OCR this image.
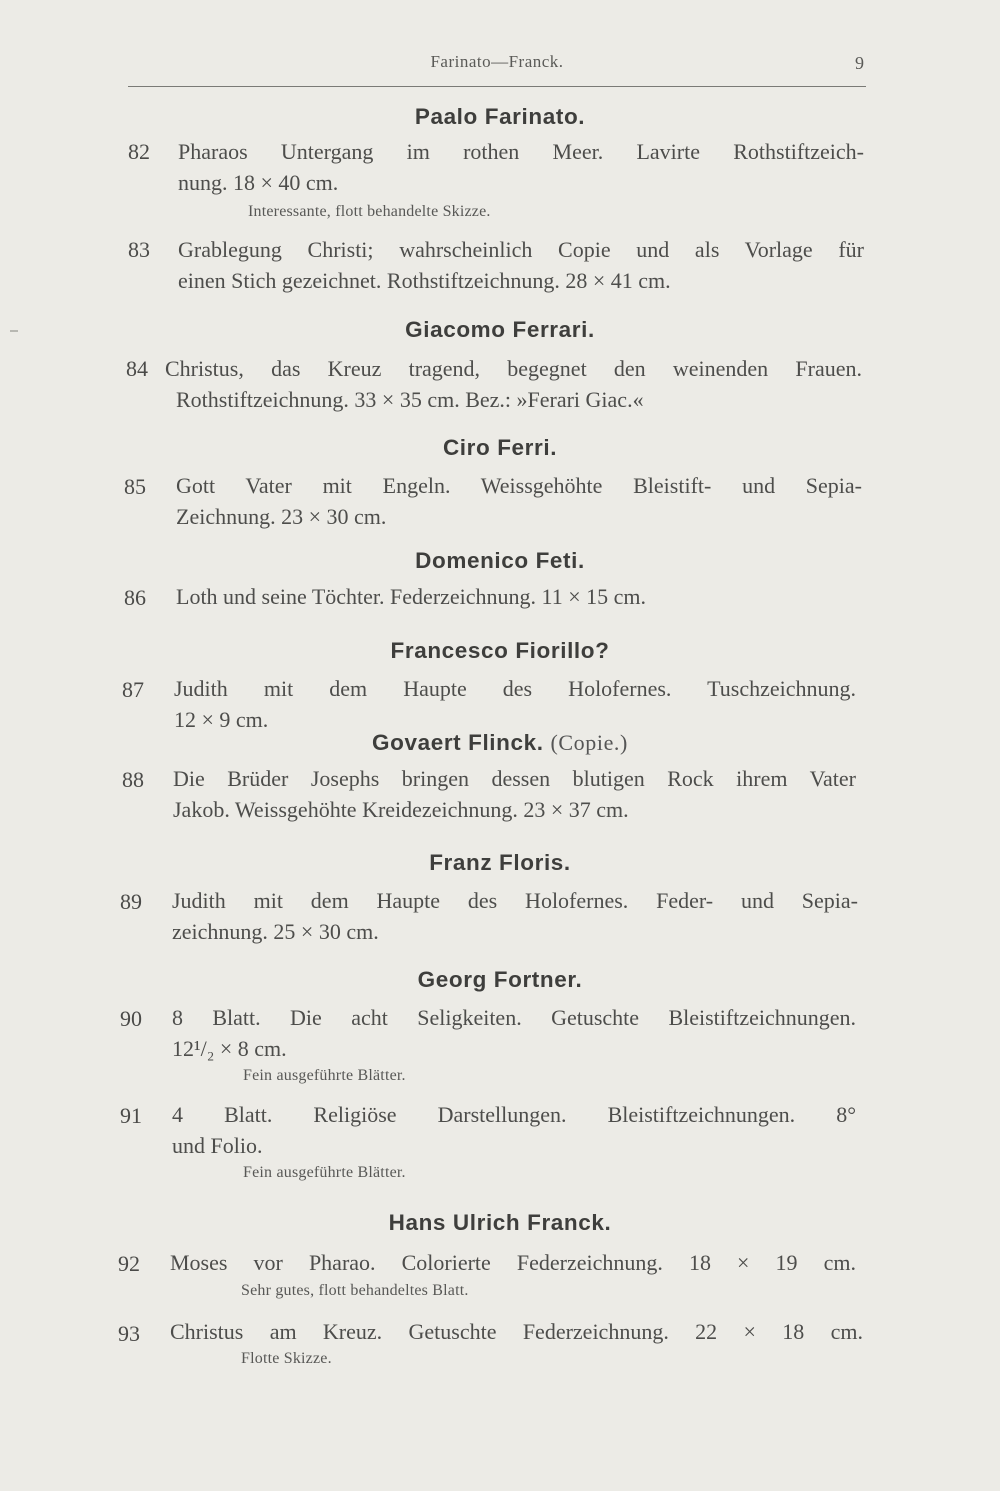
Farinato—Franck.	9
Paalo Farinato.
82 Pharaos Untergang im rothen Meer. Lavirte Rothstiftzeich-
nung. 18 × 40 cm.
Interessante, flott behandelte Skizze.
83 Grablegung Christi; wahrscheinlich Copie und als Vorlage für
einen Stich gezeichnet. Rothstiftzeichnung. 28 × 41 cm.
Giacomo Ferrari.
84 Christus, das Kreuz tragend, begegnet den weinenden Frauen.
Rothstiftzeichnung. 33 × 35 cm. Bez.: »Ferari Giac.«
Ciro Ferri.
85 Gott Vater mit Engeln. Weissgehöhte Bleistift- und Sepia-
Zeichnung. 23 × 30 cm.
Domenico Feti.
86 Loth und seine Töchter. Federzeichnung. 11 × 15 cm.
Francesco Fiorillo?
87 Judith mit dem Haupte des Holofernes. Tuschzeichnung.
12 × 9 cm.
Govaert Flinck. (Copie.)
88 Die Brüder Josephs bringen dessen blutigen Rock ihrem Vater
Jakob. Weissgehöhte Kreidezeichnung. 23 × 37 cm.
Franz Floris.
89 Judith mit dem Haupte des Holofernes. Feder- und Sepia-
zeichnung. 25 × 30 cm.
Georg Fortner.
90 8 Blatt. Die acht Seligkeiten. Getuschte Bleistiftzeichnungen.
12¹/₂ × 8 cm.
Fein ausgeführte Blätter.
91 4 Blatt. Religiöse Darstellungen. Bleistiftzeichnungen. 8°
und Folio.
Fein ausgeführte Blätter.
Hans Ulrich Franck.
92 Moses vor Pharao. Colorierte Federzeichnung. 18 × 19 cm.
Sehr gutes, flott behandeltes Blatt.
93 Christus am Kreuz. Getuschte Federzeichnung. 22 × 18 cm.
Flotte Skizze.
